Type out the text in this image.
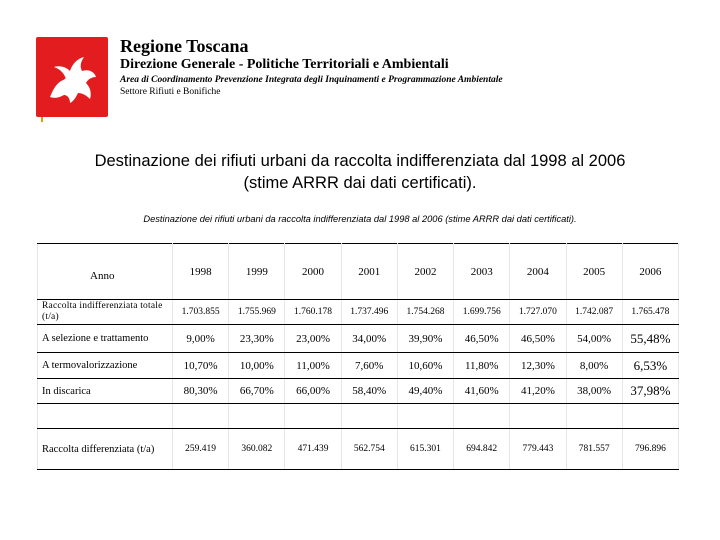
Regione Toscana
Direzione Generale - Politiche Territoriali e Ambientali
Area di Coordinamento Prevenzione Integrata degli Inquinamenti e Programmazione Ambientale
Settore Rifiuti e Bonifiche
Destinazione dei rifiuti urbani da raccolta indifferenziata dal 1998 al 2006
(stime ARRR dai dati certificati).
Destinazione dei rifiuti urbani da raccolta indifferenziata dal 1998 al 2006 (stime ARRR dai dati certificati).
Anno	1998	1999	2000	2001	2002	2003	2004	2005	2006
Raccolta indifferenziata totale (t/a)	1.703.855	1.755.969	1.760.178	1.737.496	1.754.268	1.699.756	1.727.070	1.742.087	1.765.478
A selezione e trattamento	9,00%	23,30%	23,00%	34,00%	39,90%	46,50%	46,50%	54,00%	55,48%
A termovalorizzazione	10,70%	10,00%	11,00%	7,60%	10,60%	11,80%	12,30%	8,00%	6,53%
In discarica	80,30%	66,70%	66,00%	58,40%	49,40%	41,60%	41,20%	38,00%	37,98%

Raccolta differenziata (t/a)	259.419	360.082	471.439	562.754	615.301	694.842	779.443	781.557	796.896
